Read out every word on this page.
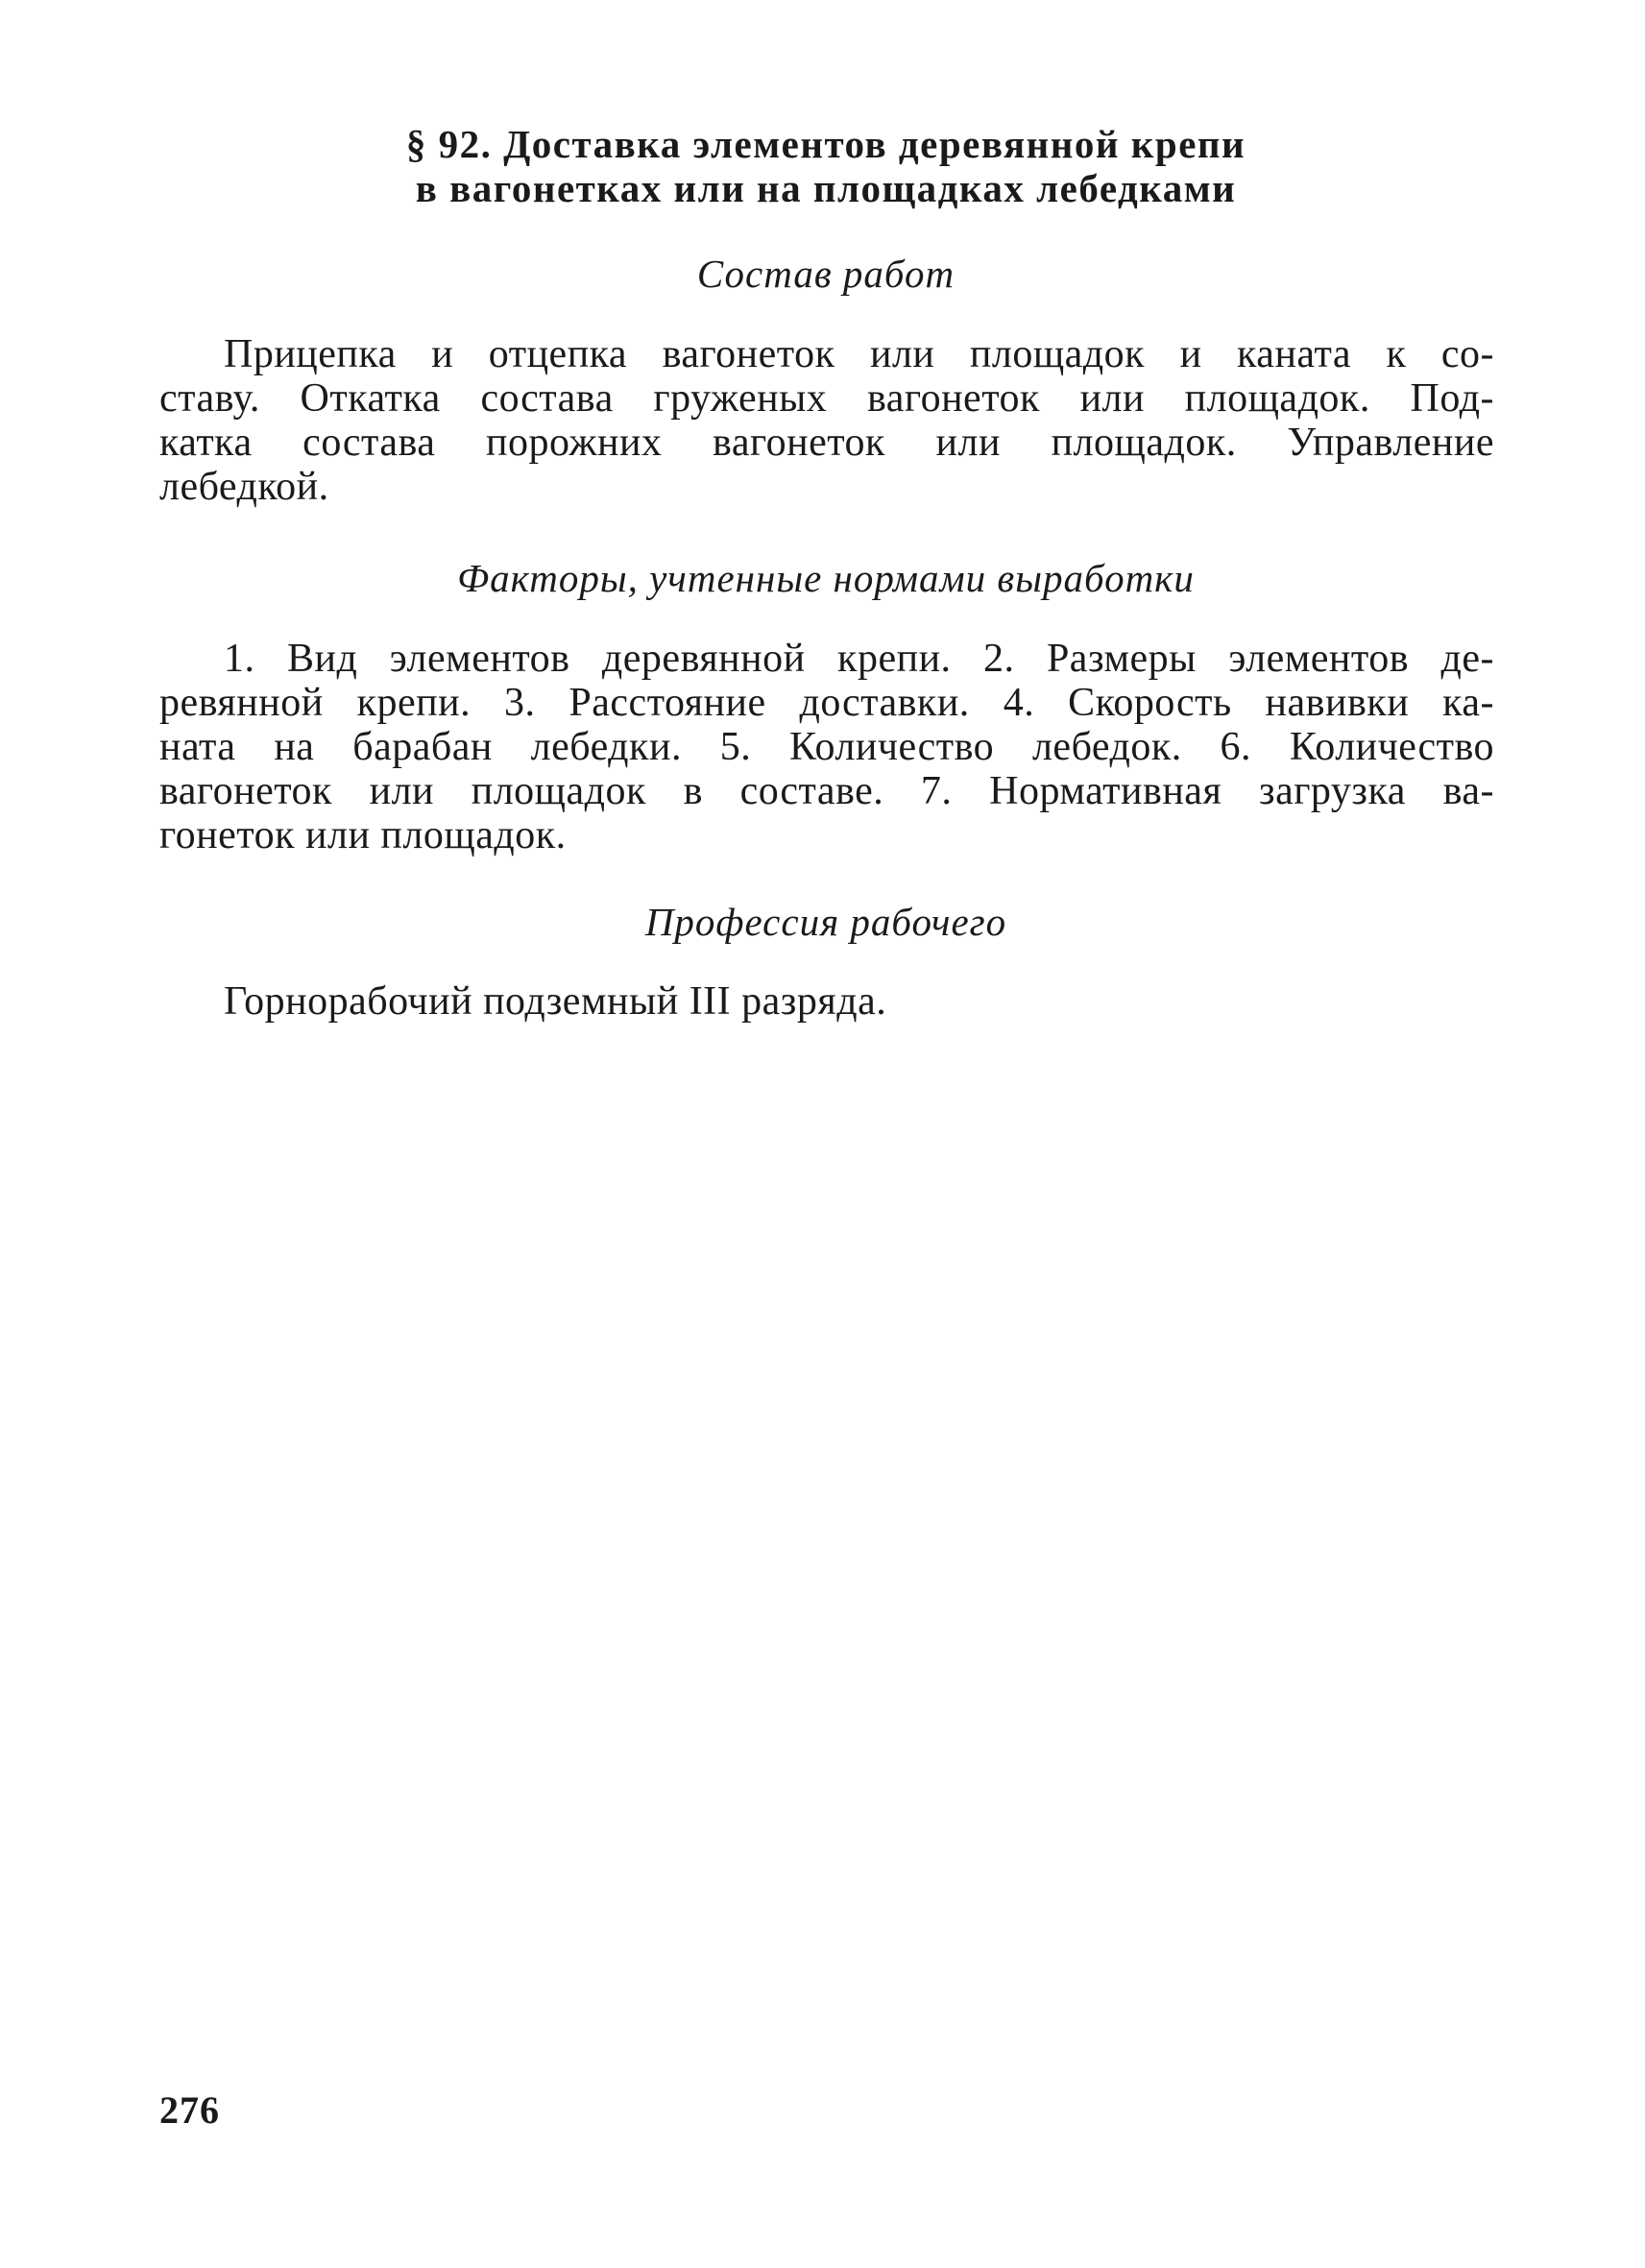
§ 92. Доставка элементов деревянной крепи
в вагонетках или на площадках лебедками
Состав работ
Прицепка и отцепка вагонеток или площадок и каната к со-
ставу. Откатка состава груженых вагонеток или площадок. Под-
катка состава порожних вагонеток или площадок. Управление
лебедкой.
Факторы, учтенные нормами выработки
1. Вид элементов деревянной крепи. 2. Размеры элементов де-
ревянной крепи. 3. Расстояние доставки. 4. Скорость навивки ка-
ната на барабан лебедки. 5. Количество лебедок. 6. Количество
вагонеток или площадок в составе. 7. Нормативная загрузка ва-
гонеток или площадок.
Профессия рабочего
Горнорабочий подземный III разряда.
276
